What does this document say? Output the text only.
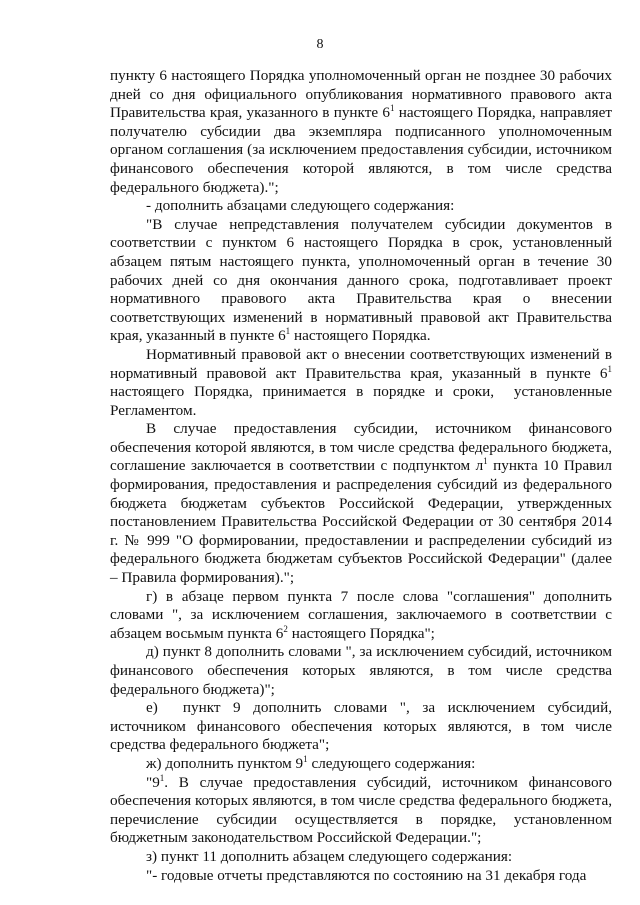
8

пункту 6 настоящего Порядка уполномоченный орган не позднее 30 рабочих дней со дня официального опубликования нормативного правового акта Правительства края, указанного в пункте $6^1$ настоящего Порядка, направляет получателю субсидии два экземпляра подписанного уполномоченным органом соглашения (за исключением предоставления субсидии, источником финансового обеспечения которой являются, в том числе средства федерального бюджета).";

- дополнить абзацами следующего содержания:

"В случае непредставления получателем субсидии документов в соответствии с пунктом 6 настоящего Порядка в срок, установленный абзацем пятым настоящего пункта, уполномоченный орган в течение 30 рабочих дней со дня окончания данного срока, подготавливает проект нормативного правового акта Правительства края о внесении соответствующих изменений в нормативный правовой акт Правительства края, указанный в пункте $6^1$ настоящего Порядка.

Нормативный правовой акт о внесении соответствующих изменений в нормативный правовой акт Правительства края, указанный в пункте $6^1$ настоящего Порядка, принимается в порядке и сроки,  установленные Регламентом.

В случае предоставления субсидии, источником финансового обеспечения которой являются, в том числе средства федерального бюджета, соглашение заключается в соответствии с подпунктом $л^1$ пункта 10 Правил формирования, предоставления и распределения субсидий из федерального бюджета бюджетам субъектов Российской Федерации, утвержденных постановлением Правительства Российской Федерации от 30 сентября 2014 г. № 999 "О формировании, предоставлении и распределении субсидий из федерального бюджета бюджетам субъектов Российской Федерации" (далее – Правила формирования).";

г) в абзаце первом пункта 7 после слова "соглашения" дополнить словами ", за исключением соглашения, заключаемого в соответствии с абзацем восьмым пункта $6^2$ настоящего Порядка";

д) пункт 8 дополнить словами ", за исключением субсидий, источником финансового обеспечения которых являются, в том числе средства федерального бюджета)";

е)  пункт 9 дополнить словами ", за исключением субсидий, источником финансового обеспечения которых являются, в том числе средства федерального бюджета";

ж) дополнить пунктом $9^1$ следующего содержания:

"$9^1$. В случае предоставления субсидий, источником финансового обеспечения которых являются, в том числе средства федерального бюджета, перечисление субсидии осуществляется в порядке, установленном бюджетным законодательством Российской Федерации.";

з) пункт 11 дополнить абзацем следующего содержания:

"- годовые отчеты представляются по состоянию на 31 декабря года
